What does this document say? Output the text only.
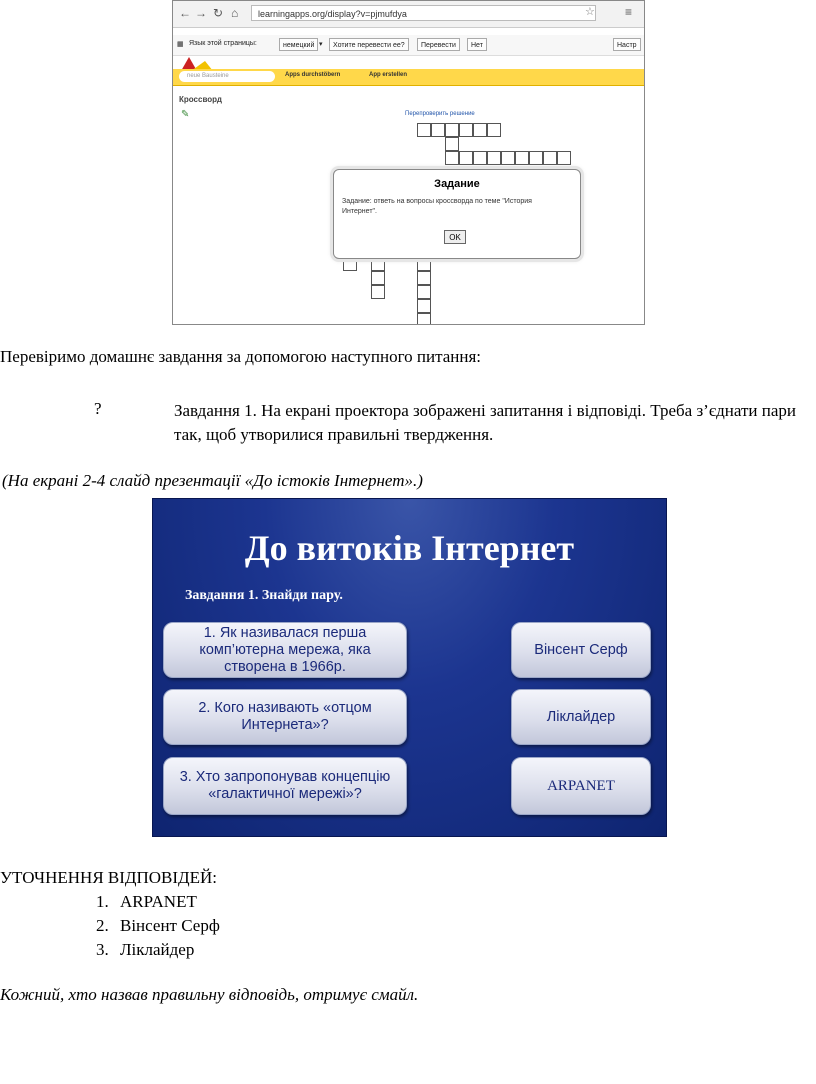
← → ↻ ⌂	learningapps.org/display?v=pjmufdya	☆	≡
▦ Язык этой страницы:	немецкий ▾	Хотите перевести ее?	Перевести	Нет	Настр
neue Bausteine	Apps durchstöbern	App erstellen
Кроссворд
✎	Перепроверить решение
Задание
Задание: ответь на вопросы кроссворда по теме "История Интернет".
OK
Перевіримо домашнє завдання за допомогою наступного питання:
?	Завдання 1. На екрані проектора зображені запитання і відповіді. Треба з’єднати пари так, щоб утворилися правильні твердження.
(На екрані 2-4 слайд презентації «До істоків Інтернет».)
До витоків Інтернет
Завдання 1. Знайди пару.
1. Як називалася перша комп’ютерна мережа, яка створена в 1966р.
2. Кого називають «отцом Интернета»?
3. Хто запропонував концепцію «галактичної мережі»?
Вінсент Серф
Ліклайдер
ARPANET
УТОЧНЕННЯ ВІДПОВІДЕЙ:
1. ARPANET
2. Вінсент Серф
3. Ліклайдер
Кожний, хто назвав правильну відповідь, отримує смайл.
